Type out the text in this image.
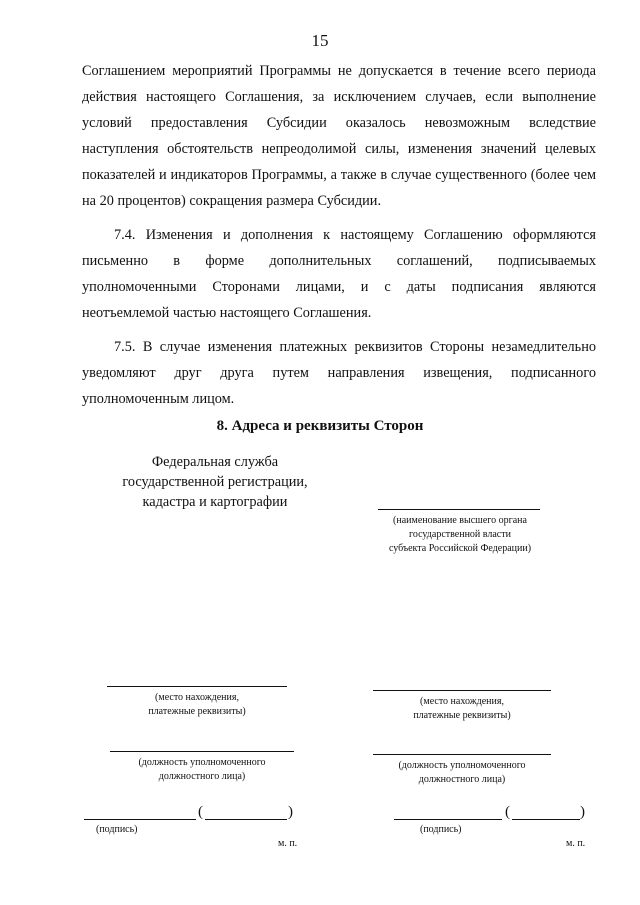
15

Соглашением мероприятий Программы не допускается в течение всего периода действия настоящего Соглашения, за исключением случаев, если выполнение условий предоставления Субсидии оказалось невозможным вследствие наступления обстоятельств непреодолимой силы, изменения значений целевых показателей и индикаторов Программы, а также в случае существенного (более чем на 20 процентов) сокращения размера Субсидии.

7.4. Изменения и дополнения к настоящему Соглашению оформляются письменно в форме дополнительных соглашений, подписываемых уполномоченными Сторонами лицами, и с даты подписания являются неотъемлемой частью настоящего Соглашения.

7.5. В случае изменения платежных реквизитов Стороны незамедлительно уведомляют друг друга путем направления извещения, подписанного уполномоченным лицом.

8. Адреса и реквизиты Сторон
Федеральная служба
государственной регистрации,
кадастра и картографии
(место нахождения,
платежные реквизиты)
(должность уполномоченного
должностного лица)
(	)
(подпись)
м. п.
(наименование высшего органа
государственной власти
субъекта Российской Федерации)
(место нахождения,
платежные реквизиты)
(должность уполномоченного
должностного лица)
(	)
(подпись)
м. п.
